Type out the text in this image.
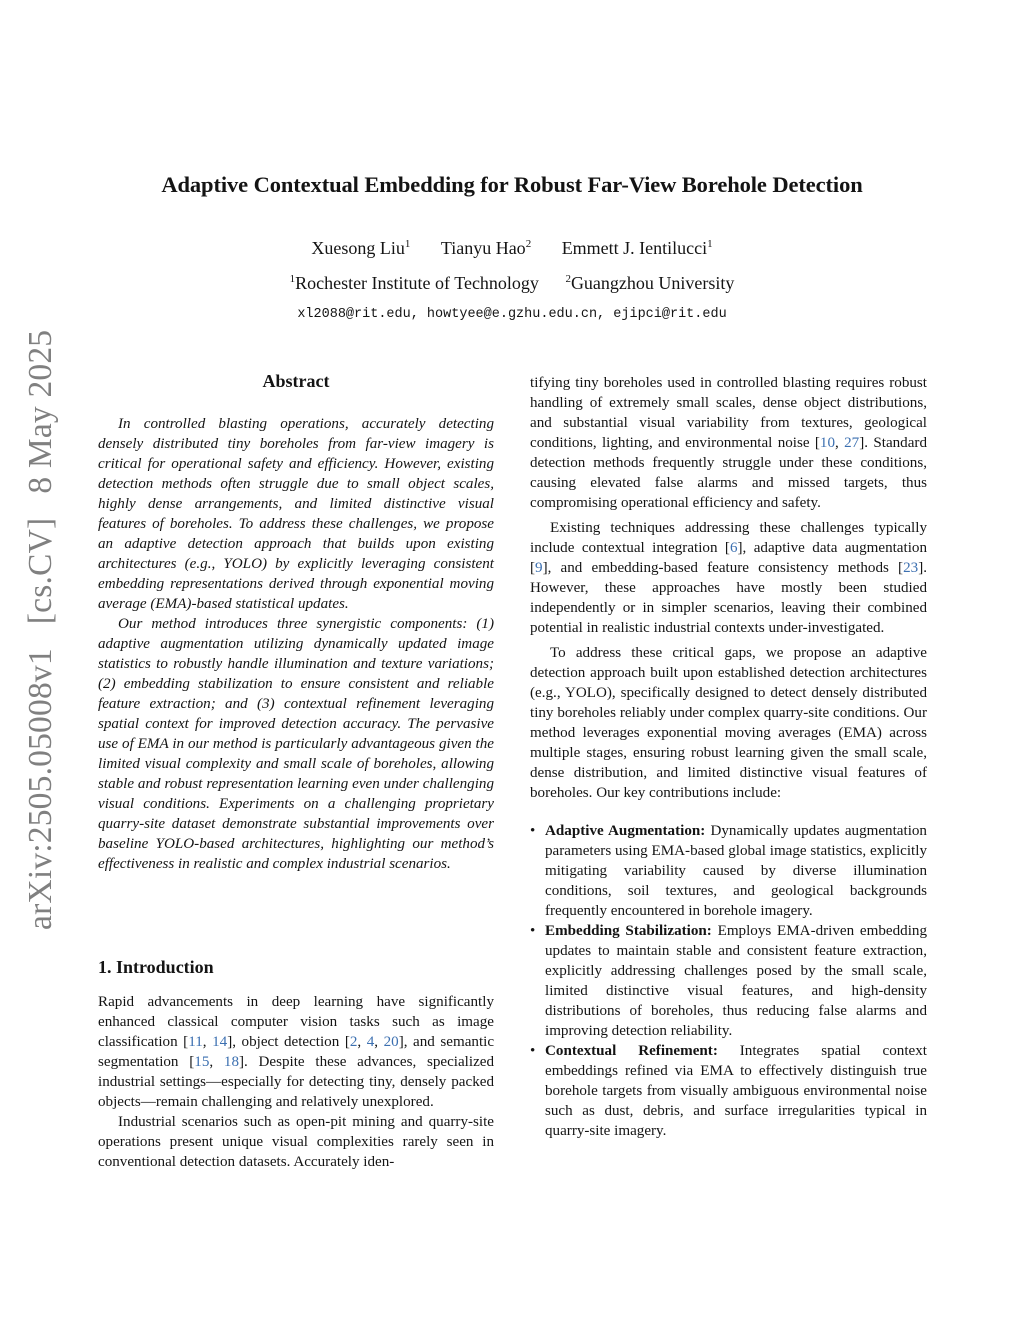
arXiv:2505.05008v1[cs.CV]8 May 2025
Adaptive Contextual Embedding for Robust Far-View Borehole Detection
Xuesong Liu$^1$ Tianyu Hao$^2$ Emmett J. Ientilucci$^1$
$^1$Rochester Institute of Technology $^2$Guangzhou University
xl2088@rit.edu, howtyee@e.gzhu.edu.cn, ejipci@rit.edu
Abstract

In controlled blasting operations, accurately detecting densely distributed tiny boreholes from far-view imagery is critical for operational safety and efficiency. However, existing detection methods often struggle due to small object scales, highly dense arrangements, and limited distinctive visual features of boreholes. To address these challenges, we propose an adaptive detection approach that builds upon existing architectures (e.g., YOLO) by explicitly leveraging consistent embedding representations derived through exponential moving average (EMA)-based statistical updates.

Our method introduces three synergistic components: (1) adaptive augmentation utilizing dynamically updated image statistics to robustly handle illumination and texture variations; (2) embedding stabilization to ensure consistent and reliable feature extraction; and (3) contextual refinement leveraging spatial context for improved detection accuracy. The pervasive use of EMA in our method is particularly advantageous given the limited visual complexity and small scale of boreholes, allowing stable and robust representation learning even under challenging visual conditions. Experiments on a challenging proprietary quarry-site dataset demonstrate substantial improvements over baseline YOLO-based architectures, highlighting our method’s effectiveness in realistic and complex industrial scenarios.

1. Introduction

Rapid advancements in deep learning have significantly enhanced classical computer vision tasks such as image classification [11, 14], object detection [2, 4, 20], and semantic segmentation [15, 18]. Despite these advances, specialized industrial settings—especially for detecting tiny, densely packed objects—remain challenging and relatively unexplored.

Industrial scenarios such as open-pit mining and quarry-site operations present unique visual complexities rarely seen in conventional detection datasets. Accurately iden-

tifying tiny boreholes used in controlled blasting requires robust handling of extremely small scales, dense object distributions, and substantial visual variability from textures, geological conditions, lighting, and environmental noise [10, 27]. Standard detection methods frequently struggle under these conditions, causing elevated false alarms and missed targets, thus compromising operational efficiency and safety.

Existing techniques addressing these challenges typically include contextual integration [6], adaptive data augmentation [9], and embedding-based feature consistency methods [23]. However, these approaches have mostly been studied independently or in simpler scenarios, leaving their combined potential in realistic industrial contexts under-investigated.

To address these critical gaps, we propose an adaptive detection approach built upon established detection architectures (e.g., YOLO), specifically designed to detect densely distributed tiny boreholes reliably under complex quarry-site conditions. Our method leverages exponential moving averages (EMA) across multiple stages, ensuring robust learning given the small scale, dense distribution, and limited distinctive visual features of boreholes. Our key contributions include:

• Adaptive Augmentation: Dynamically updates augmentation parameters using EMA-based global image statistics, explicitly mitigating variability caused by diverse illumination conditions, soil textures, and geological backgrounds frequently encountered in borehole imagery.
• Embedding Stabilization: Employs EMA-driven embedding updates to maintain stable and consistent feature extraction, explicitly addressing challenges posed by the small scale, limited distinctive visual features, and high-density distributions of boreholes, thus reducing false alarms and improving detection reliability.
• Contextual Refinement: Integrates spatial context embeddings refined via EMA to effectively distinguish true borehole targets from visually ambiguous environmental noise such as dust, debris, and surface irregularities typical in quarry-site imagery.
